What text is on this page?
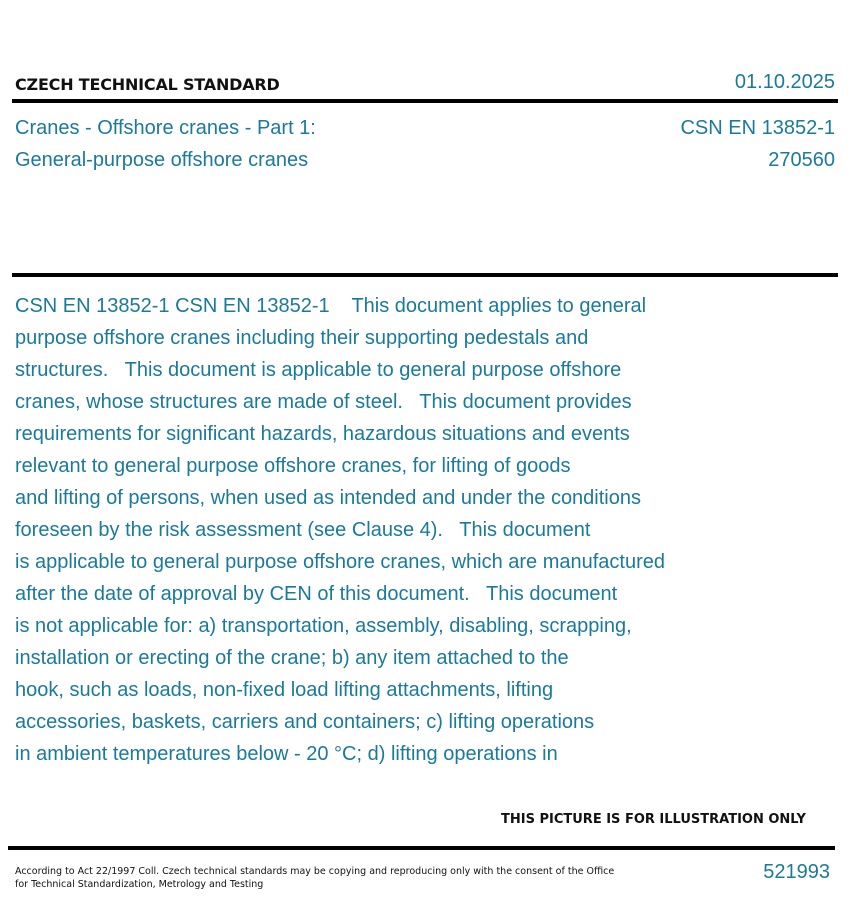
CZECH TECHNICAL STANDARD	01.10.2025
Cranes - Offshore cranes - Part 1:
General-purpose offshore cranes
CSN EN 13852-1
270560
CSN EN 13852-1 CSN EN 13852-1    This document applies to general
purpose offshore cranes including their supporting pedestals and
structures.   This document is applicable to general purpose offshore
cranes, whose structures are made of steel.   This document provides
requirements for significant hazards, hazardous situations and events
relevant to general purpose offshore cranes, for lifting of goods
and lifting of persons, when used as intended and under the conditions
foreseen by the risk assessment (see Clause 4).   This document
is applicable to general purpose offshore cranes, which are manufactured
after the date of approval by CEN of this document.   This document
is not applicable for: a) transportation, assembly, disabling, scrapping,
installation or erecting of the crane; b) any item attached to the
hook, such as loads, non-fixed load lifting attachments, lifting
accessories, baskets, carriers and containers; c) lifting operations
in ambient temperatures below - 20 °C; d) lifting operations in
THIS PICTURE IS FOR ILLUSTRATION ONLY
According to Act 22/1997 Coll. Czech technical standards may be copying and reproducing only with the consent of the Office
for Technical Standardization, Metrology and Testing
521993
